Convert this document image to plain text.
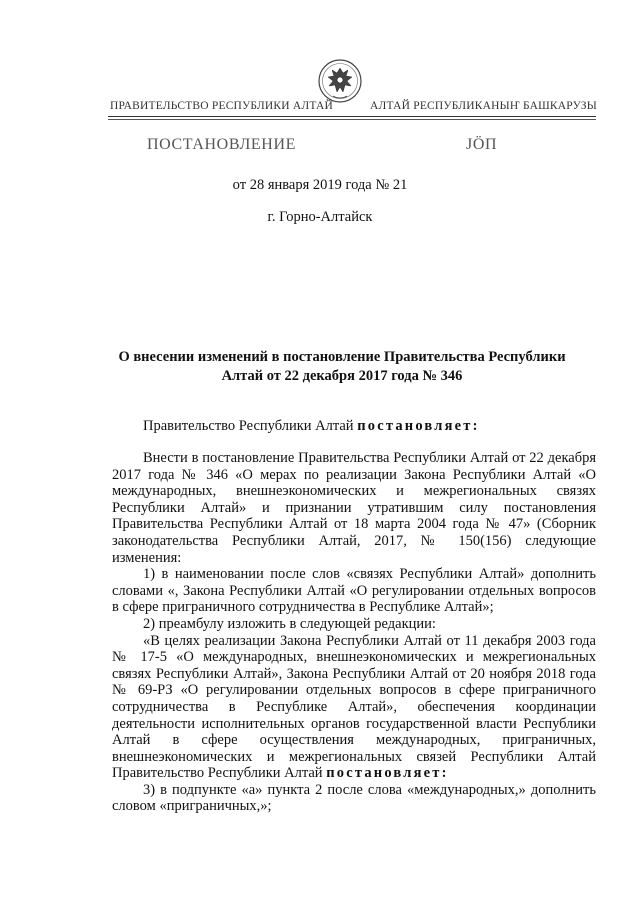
ПРАВИТЕЛЬСТВО РЕСПУБЛИКИ АЛТАЙ	АЛТАЙ РЕСПУБЛИКАНЫҤ БАШКАРУЗЫ
ПОСТАНОВЛЕНИЕ	ЈӦП
от 28 января 2019 года № 21
г. Горно-Алтайск
О внесении изменений в постановление Правительства Республики Алтай от 22 декабря 2017 года № 346
Правительство Республики Алтай постановляет:

Внести в постановление Правительства Республики Алтай от 22 декабря 2017 года № 346 «О мерах по реализации Закона Республики Алтай «О международных, внешнеэкономических и межрегиональных связях Республики Алтай» и признании утратившим силу постановления Правительства Республики Алтай от 18 марта 2004 года № 47» (Сборник законодательства Республики Алтай, 2017, № 150(156) следующие изменения:

1) в наименовании после слов «связях Республики Алтай» дополнить словами «, Закона Республики Алтай «О регулировании отдельных вопросов в сфере приграничного сотрудничества в Республике Алтай»;

2) преамбулу изложить в следующей редакции:

«В целях реализации Закона Республики Алтай от 11 декабря 2003 года № 17-5 «О международных, внешнеэкономических и межрегиональных связях Республики Алтай», Закона Республики Алтай от 20 ноября 2018 года № 69-РЗ «О регулировании отдельных вопросов в сфере приграничного сотрудничества в Республике Алтай», обеспечения координации деятельности исполнительных органов государственной власти Республики Алтай в сфере осуществления международных, приграничных, внешнеэкономических и межрегиональных связей Республики Алтай Правительство Республики Алтай постановляет:

3) в подпункте «а» пункта 2 после слова «международных,» дополнить словом «приграничных,»;
